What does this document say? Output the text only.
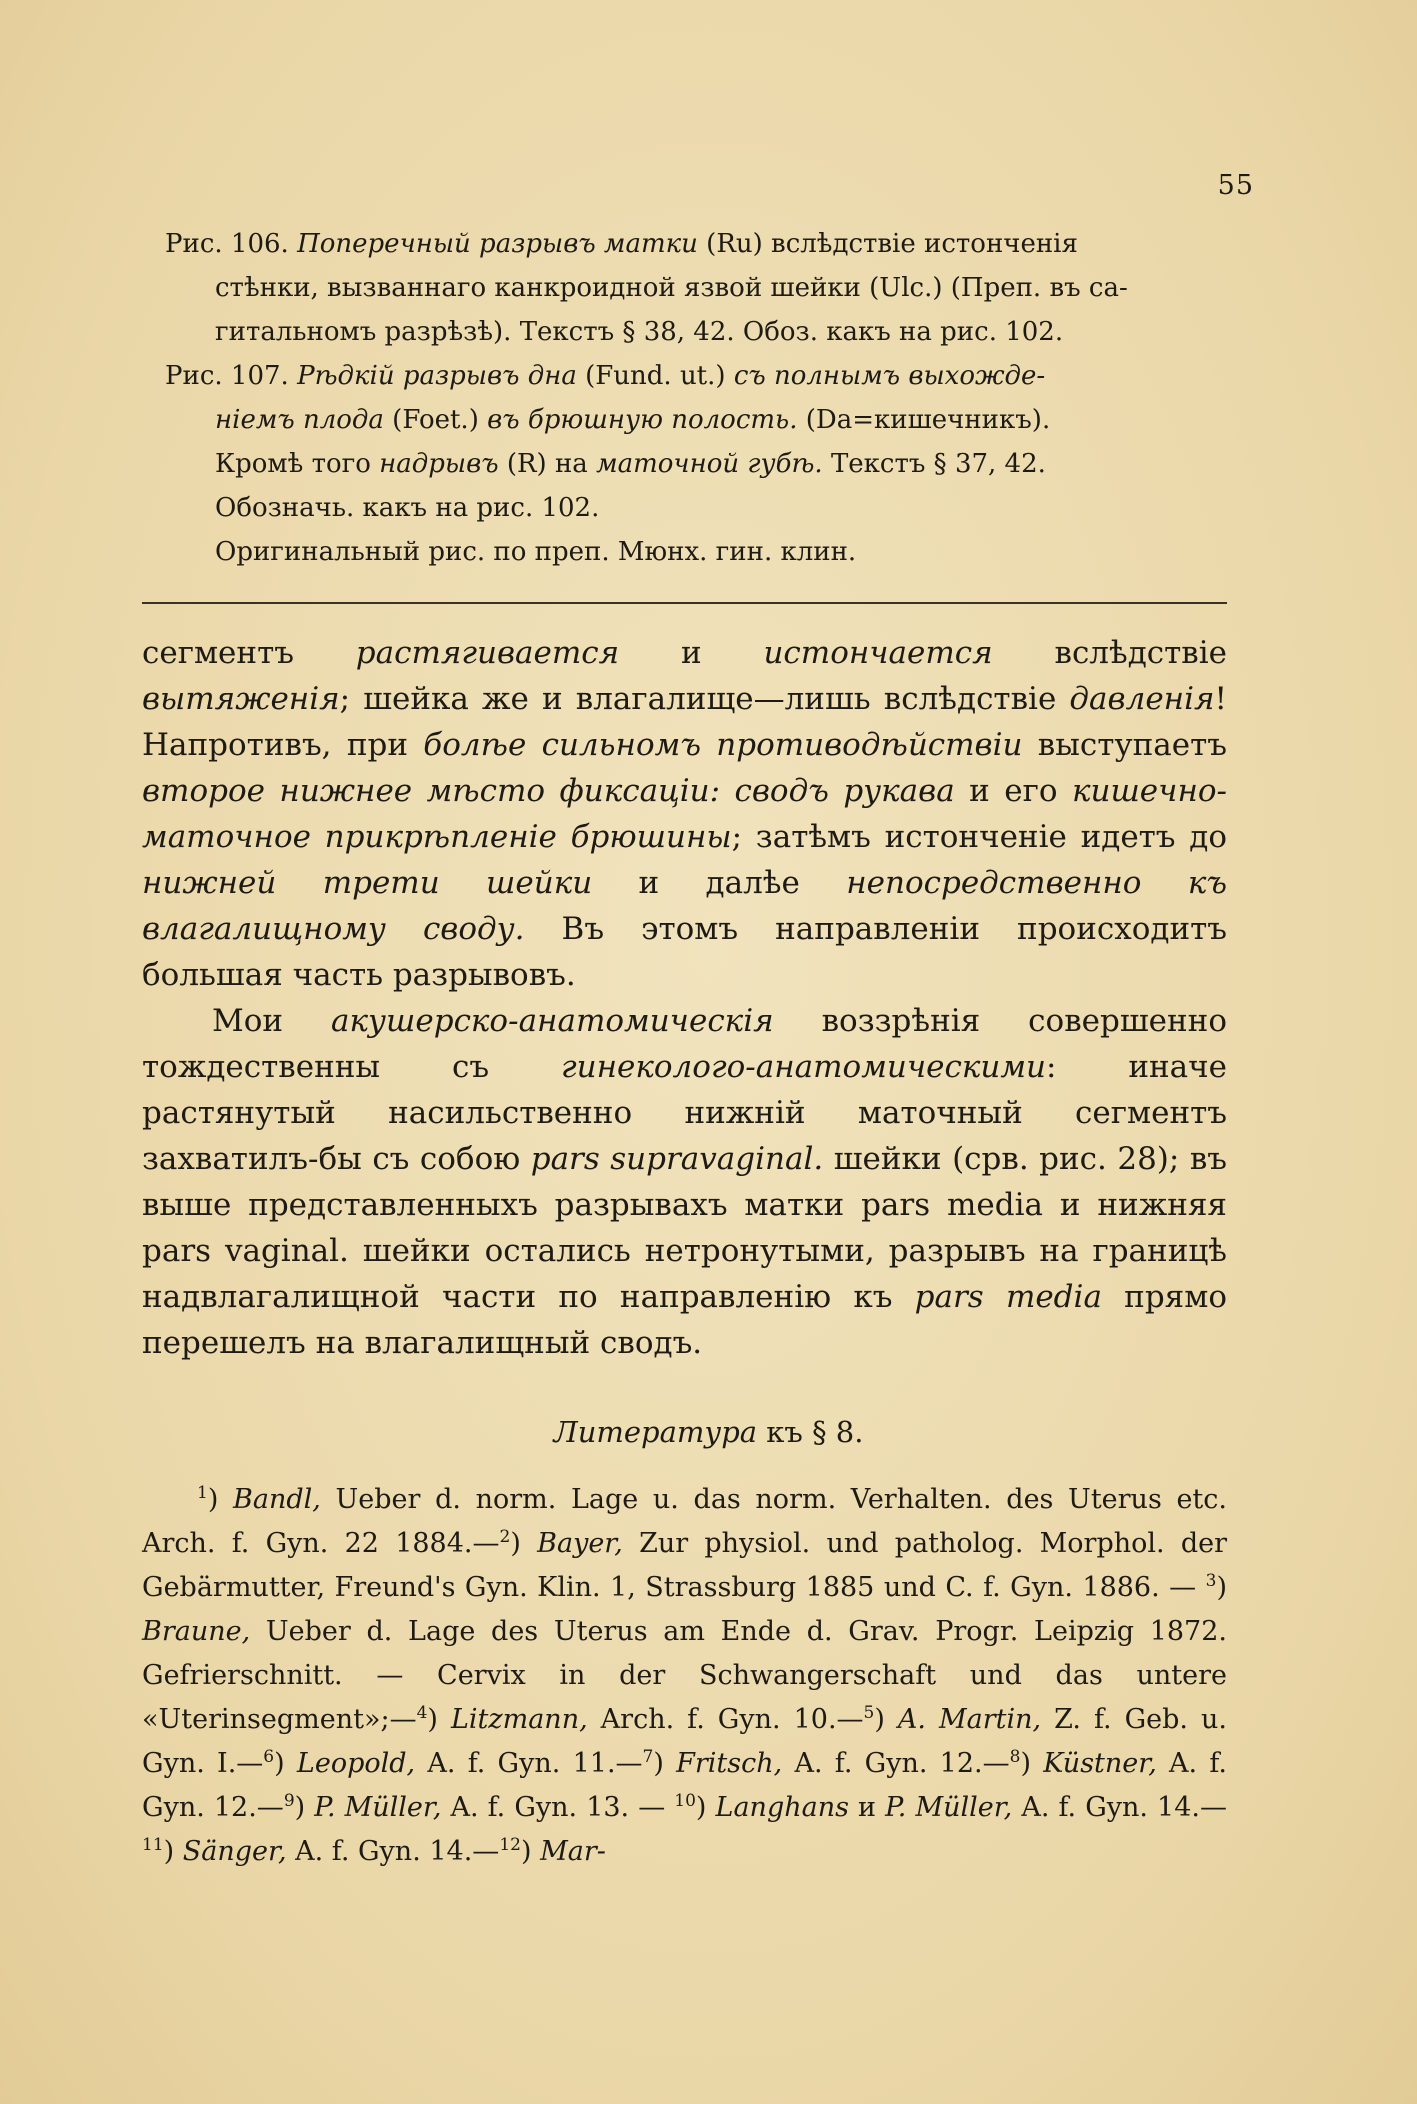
55

Рис. 106. Поперечный разрывъ матки (Ru) вслѣдствіе истонченія
стѣнки, вызваннаго канкроидной язвой шейки (Ulc.) (Преп. въ са-
гитальномъ разрѣзѣ). Текстъ § 38, 42. Обоз. какъ на рис. 102.

Рис. 107. Рѣдкій разрывъ дна (Fund. ut.) съ полнымъ выхожде-
ніемъ плода (Foet.) въ брюшную полость. (Da=кишечникъ).
Кромѣ того надрывъ (R) на маточной губѣ. Текстъ § 37, 42.
Обозначь. какъ на рис. 102.
Оригинальный рис. по преп. Мюнх. гин. клин.

сегментъ растягивается и истончается вслѣдствіе вытяженія; шейка же и влагалище—лишь вслѣдствіе давленія! Напротивъ, при болѣе сильномъ противодѣйствіи выступаетъ второе нижнее мѣсто фиксаціи: сводъ рукава и его кишечно-маточное прикрѣпленіе брюшины; затѣмъ истонченіе идетъ до нижней трети шейки и далѣе непосредственно къ влагалищному своду. Въ этомъ направленіи происходитъ большая часть разрывовъ.

Мои акушерско-анатомическія воззрѣнія совершенно тождественны съ гинеколого-анатомическими: иначе растянутый насильственно нижній маточный сегментъ захватилъ-бы съ собою pars supravaginal. шейки (срв. рис. 28); въ выше представленныхъ разрывахъ матки pars media и нижняя pars vaginal. шейки остались нетронутыми, разрывъ на границѣ надвлагалищной части по направленію къ pars media прямо перешелъ на влагалищный сводъ.

Литература къ § 8.

$^1$) Bandl, Ueber d. norm. Lage u. das norm. Verhalten. des Uterus etc. Arch. f. Gyn. 22 1884.—$^2$) Bayer, Zur physiol. und patholog. Morphol. der Gebärmutter, Freund's Gyn. Klin. 1, Strassburg 1885 und C. f. Gyn. 1886. — $^3$) Braune, Ueber d. Lage des Uterus am Ende d. Grav. Progr. Leipzig 1872. Gefrierschnitt. — Cervix in der Schwangerschaft und das untere «Uterinsegment»;—$^4$) Litzmann, Arch. f. Gyn. 10.—$^5$) A. Martin, Z. f. Geb. u. Gyn. I.—$^6$) Leopold, A. f. Gyn. 11.—$^7$) Fritsch, A. f. Gyn. 12.—$^8$) Küstner, A. f. Gyn. 12.—$^9$) P. Müller, A. f. Gyn. 13. — $^{10}$) Langhans и P. Müller, A. f. Gyn. 14.—$^{11}$) Sänger, A. f. Gyn. 14.—$^{12}$) Mar-
